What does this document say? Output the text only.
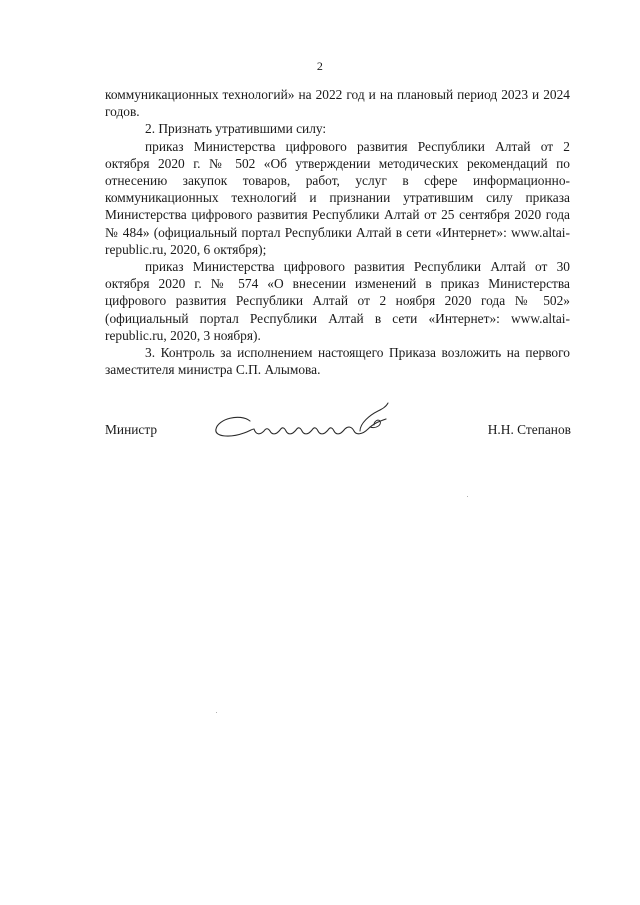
2

коммуникационных технологий» на 2022 год и на плановый период 2023 и 2024 годов.

2. Признать утратившими силу:

приказ Министерства цифрового развития Республики Алтай от 2 октября 2020 г. № 502 «Об утверждении методических рекомендаций по отнесению закупок товаров, работ, услуг в сфере информационно-коммуникационных технологий и признании утратившим силу приказа Министерства цифрового развития Республики Алтай от 25 сентября 2020 года № 484» (официальный портал Республики Алтай в сети «Интернет»: www.altai-republic.ru, 2020, 6 октября);

приказ Министерства цифрового развития Республики Алтай от 30 октября 2020 г. № 574 «О внесении изменений в приказ Министерства цифрового развития Республики Алтай от 2 ноября 2020 года № 502» (официальный портал Республики Алтай в сети «Интернет»: www.altai-republic.ru, 2020, 3 ноября).

3. Контроль за исполнением настоящего Приказа возложить на первого заместителя министра С.П. Алымова.

Министр	Н.Н. Степанов
